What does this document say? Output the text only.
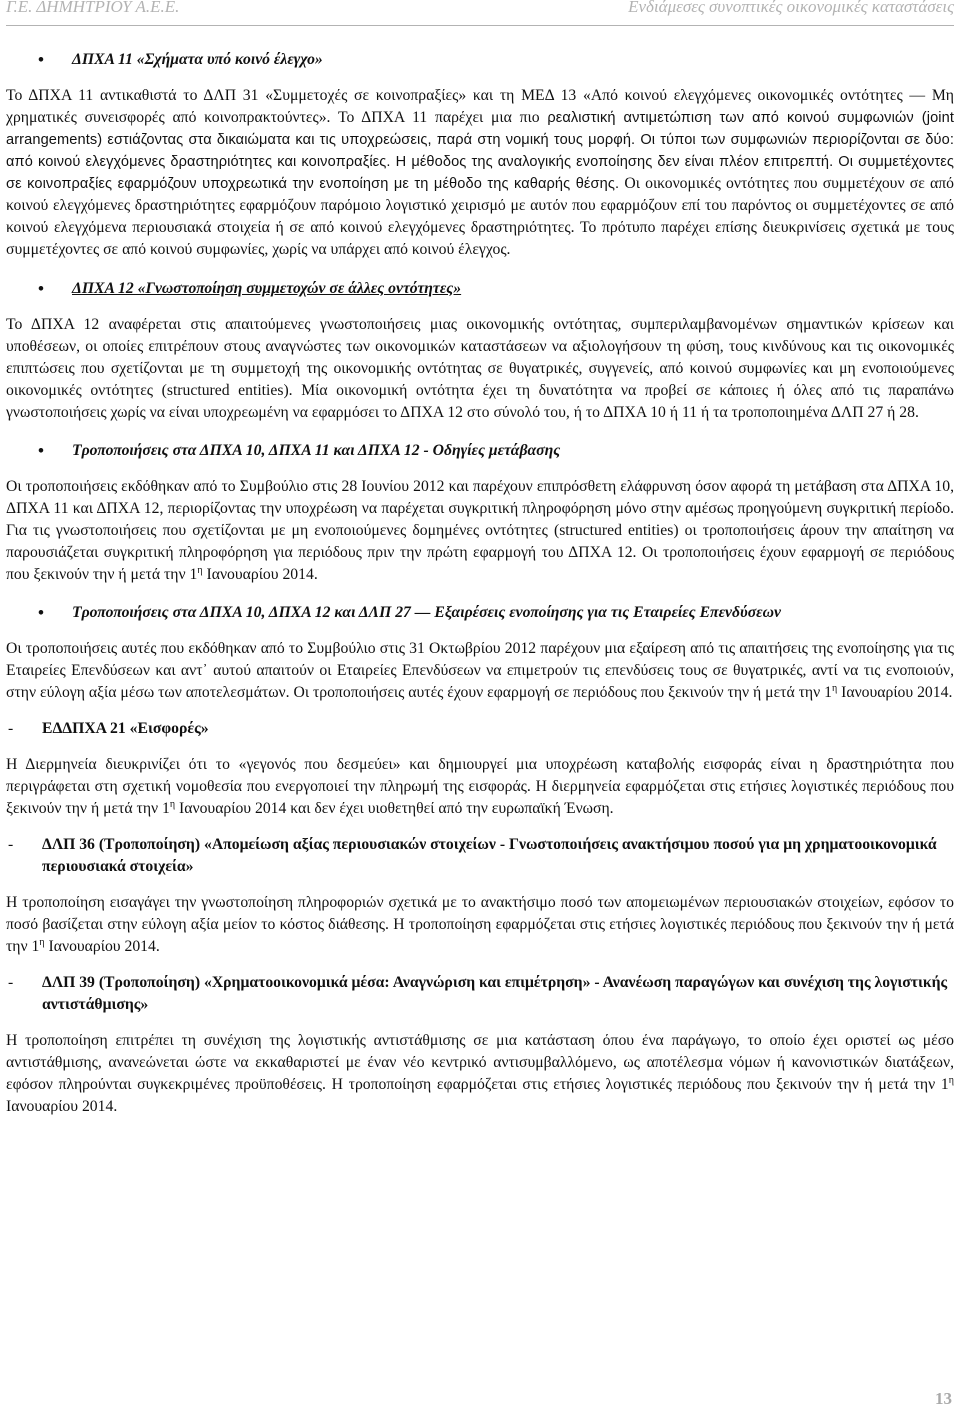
Γ.Ε. ΔΗΜΗΤΡΙΟΥ Α.Ε.Ε.	Ενδιάμεσες συνοπτικές οικονομικές καταστάσεις
• ΔΠΧΑ 11 «Σχήματα υπό κοινό έλεγχο»

Το ΔΠΧΑ 11 αντικαθιστά το ΔΛΠ 31 «Συμμετοχές σε κοινοπραξίες» και τη ΜΕΔ 13 «Από κοινού ελεγχόμενες οικονομικές οντότητες — Μη χρηματικές συνεισφορές από κοινοπρακτούντες». Το ΔΠΧΑ 11 παρέχει μια πιο ρεαλιστική αντιμετώπιση των από κοινού συμφωνιών (joint arrangements) εστιάζοντας στα δικαιώματα και τις υποχρεώσεις, παρά στη νομική τους μορφή. Οι τύποι των συμφωνιών περιορίζονται σε δύο: από κοινού ελεγχόμενες δραστηριότητες και κοινοπραξίες. Η μέθοδος της αναλογικής ενοποίησης δεν είναι πλέον επιτρεπτή. Οι συμμετέχοντες σε κοινοπραξίες εφαρμόζουν υποχρεωτικά την ενοποίηση με τη μέθοδο της καθαρής θέσης. Οι οικονομικές οντότητες που συμμετέχουν σε από κοινού ελεγχόμενες δραστηριότητες εφαρμόζουν παρόμοιο λογιστικό χειρισμό με αυτόν που εφαρμόζουν επί του παρόντος οι συμμετέχοντες σε από κοινού ελεγχόμενα περιουσιακά στοιχεία ή σε από κοινού ελεγχόμενες δραστηριότητες. Το πρότυπο παρέχει επίσης διευκρινίσεις σχετικά με τους συμμετέχοντες σε από κοινού συμφωνίες, χωρίς να υπάρχει από κοινού έλεγχος.

• ΔΠΧΑ 12 «Γνωστοποίηση συμμετοχών σε άλλες οντότητες»

Το ΔΠΧΑ 12 αναφέρεται στις απαιτούμενες γνωστοποιήσεις μιας οικονομικής οντότητας, συμπεριλαμβανομένων σημαντικών κρίσεων και υποθέσεων, οι οποίες επιτρέπουν στους αναγνώστες των οικονομικών καταστάσεων να αξιολογήσουν τη φύση, τους κινδύνους και τις οικονομικές επιπτώσεις που σχετίζονται με τη συμμετοχή της οικονομικής οντότητας σε θυγατρικές, συγγενείς, από κοινού συμφωνίες και μη ενοποιούμενες οικονομικές οντότητες (structured entities). Μία οικονομική οντότητα έχει τη δυνατότητα να προβεί σε κάποιες ή όλες από τις παραπάνω γνωστοποιήσεις χωρίς να είναι υποχρεωμένη να εφαρμόσει το ΔΠΧΑ 12 στο σύνολό του, ή το ΔΠΧΑ 10 ή 11 ή τα τροποποιημένα ΔΛΠ 27 ή 28.

• Τροποποιήσεις στα ΔΠΧΑ 10, ΔΠΧΑ 11 και ΔΠΧΑ 12 - Οδηγίες μετάβασης

Οι τροποποιήσεις εκδόθηκαν από το Συμβούλιο στις 28 Ιουνίου 2012 και παρέχουν επιπρόσθετη ελάφρυνση όσον αφορά τη μετάβαση στα ΔΠΧΑ 10, ΔΠΧΑ 11 και ΔΠΧΑ 12, περιορίζοντας την υποχρέωση να παρέχεται συγκριτική πληροφόρηση μόνο στην αμέσως προηγούμενη συγκριτική περίοδο. Για τις γνωστοποιήσεις που σχετίζονται με μη ενοποιούμενες δομημένες οντότητες (structured entities) οι τροποποιήσεις άρουν την απαίτηση να παρουσιάζεται συγκριτική πληροφόρηση για περιόδους πριν την πρώτη εφαρμογή του ΔΠΧΑ 12. Οι τροποποιήσεις έχουν εφαρμογή σε περιόδους που ξεκινούν την ή μετά την $1^\eta$ Ιανουαρίου 2014.

• Τροποποιήσεις στα ΔΠΧΑ 10, ΔΠΧΑ 12 και ΔΛΠ 27 — Εξαιρέσεις ενοποίησης για τις Εταιρείες Επενδύσεων

Οι τροποποιήσεις αυτές που εκδόθηκαν από το Συμβούλιο στις 31 Οκτωβρίου 2012 παρέχουν μια εξαίρεση από τις απαιτήσεις της ενοποίησης για τις Εταιρείες Επενδύσεων και αντ᾽ αυτού απαιτούν οι Εταιρείες Επενδύσεων να επιμετρούν τις επενδύσεις τους σε θυγατρικές, αντί να τις ενοποιούν, στην εύλογη αξία μέσω των αποτελεσμάτων. Οι τροποποιήσεις αυτές έχουν εφαρμογή σε περιόδους που ξεκινούν την ή μετά την $1^\eta$ Ιανουαρίου 2014.

- ΕΔΔΠΧΑ 21 «Εισφορές»

Η Διερμηνεία διευκρινίζει ότι το «γεγονός που δεσμεύει» και δημιουργεί μια υποχρέωση καταβολής εισφοράς είναι η δραστηριότητα που περιγράφεται στη σχετική νομοθεσία που ενεργοποιεί την πληρωμή της εισφοράς. Η διερμηνεία εφαρμόζεται στις ετήσιες λογιστικές περιόδους που ξεκινούν την ή μετά την $1^\eta$ Ιανουαρίου 2014 και δεν έχει υιοθετηθεί από την ευρωπαϊκή Ένωση.

- ΔΛΠ 36 (Τροποποίηση) «Απομείωση αξίας περιουσιακών στοιχείων - Γνωστοποιήσεις ανακτήσιμου ποσού για μη χρηματοοικονομικά περιουσιακά στοιχεία»

Η τροποποίηση εισαγάγει την γνωστοποίηση πληροφοριών σχετικά με το ανακτήσιμο ποσό των απομειωμένων περιουσιακών στοιχείων, εφόσον το ποσό βασίζεται στην εύλογη αξία μείον το κόστος διάθεσης. Η τροποποίηση εφαρμόζεται στις ετήσιες λογιστικές περιόδους που ξεκινούν την ή μετά την $1^\eta$ Ιανουαρίου 2014.

- ΔΛΠ 39 (Τροποποίηση) «Χρηματοοικονομικά μέσα: Αναγνώριση και επιμέτρηση» - Ανανέωση παραγώγων και συνέχιση της λογιστικής αντιστάθμισης»

Η τροποποίηση επιτρέπει τη συνέχιση της λογιστικής αντιστάθμισης σε μια κατάσταση όπου ένα παράγωγο, το οποίο έχει οριστεί ως μέσο αντιστάθμισης, ανανεώνεται ώστε να εκκαθαριστεί με έναν νέο κεντρικό αντισυμβαλλόμενο, ως αποτέλεσμα νόμων ή κανονιστικών διατάξεων, εφόσον πληρούνται συγκεκριμένες προϋποθέσεις. Η τροποποίηση εφαρμόζεται στις ετήσιες λογιστικές περιόδους που ξεκινούν την ή μετά την $1^\eta$ Ιανουαρίου 2014.

13
